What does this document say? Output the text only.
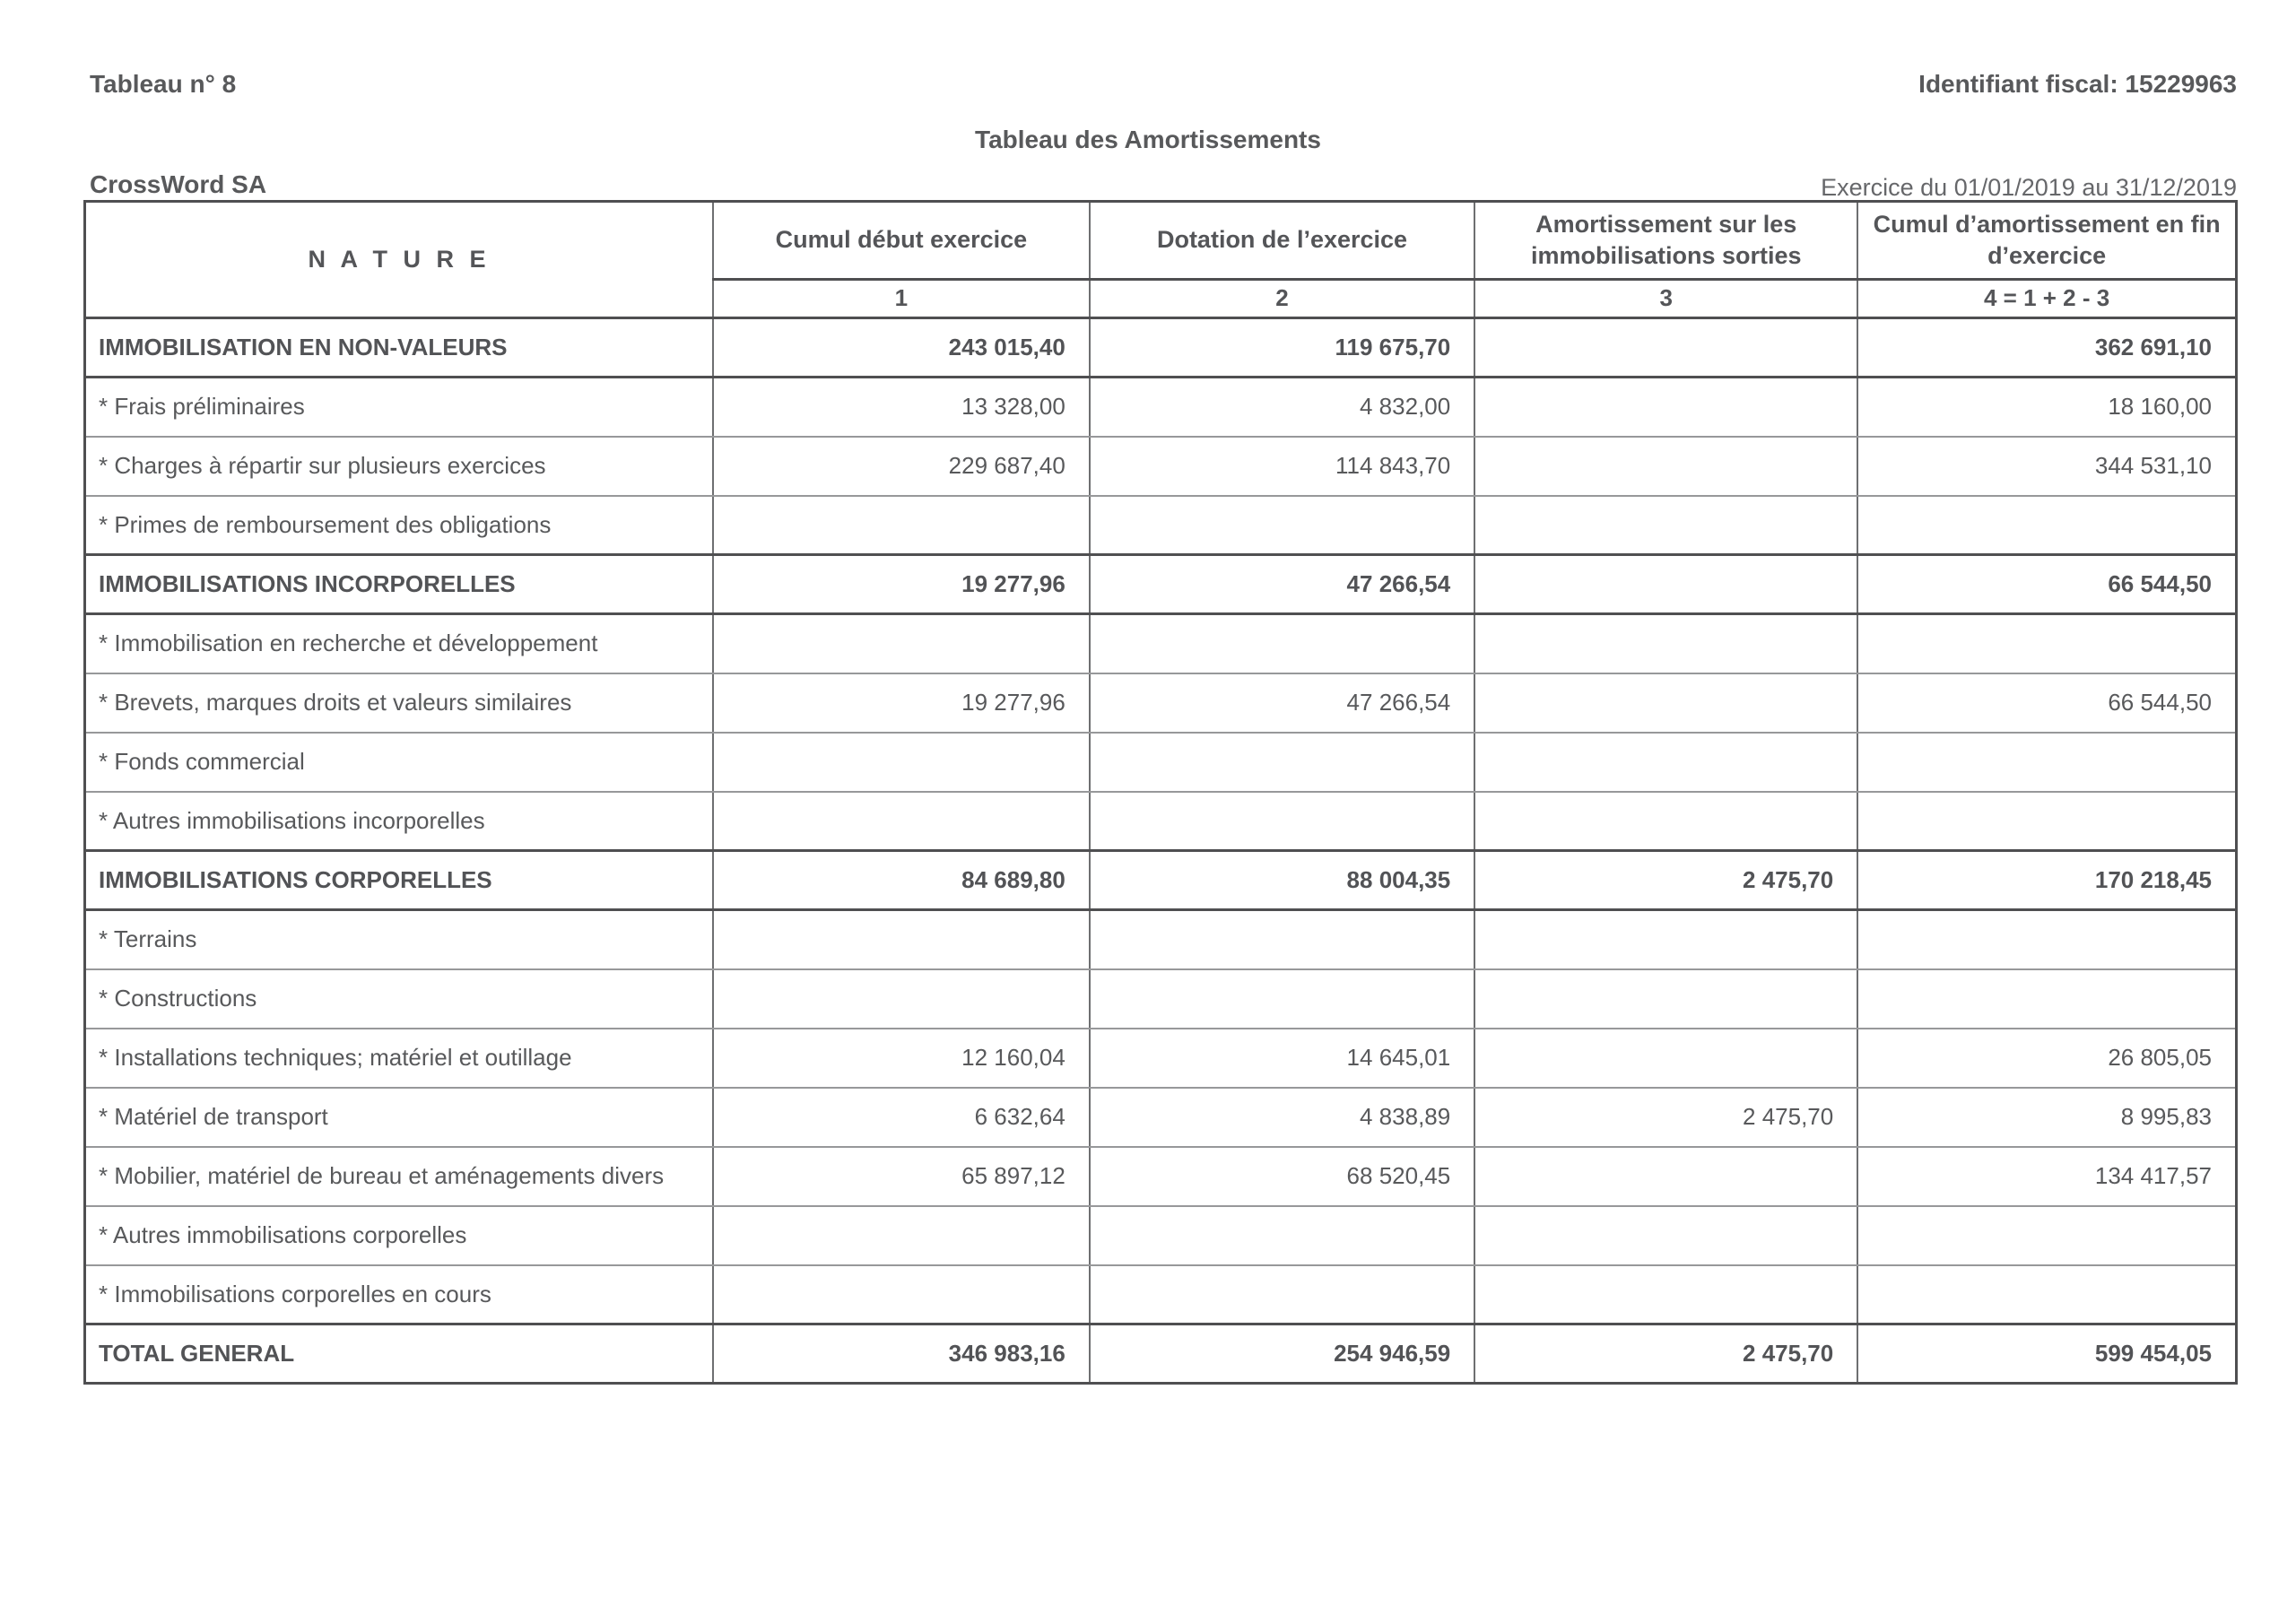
Tableau n° 8	Identifiant fiscal: 15229963
Tableau des Amortissements
CrossWord SA	Exercice du 01/01/2019 au 31/12/2019
N A T U R E	Cumul début exercice	Dotation de l’exercice	Amortissement sur les immobilisations sorties	Cumul d’amortissement en fin d’exercice
	1	2	3	4 = 1 + 2 - 3
IMMOBILISATION EN NON-VALEURS	243 015,40	119 675,70		362 691,10
* Frais préliminaires	13 328,00	4 832,00		18 160,00
* Charges à répartir sur plusieurs exercices	229 687,40	114 843,70		344 531,10
* Primes de remboursement des obligations				
IMMOBILISATIONS INCORPORELLES	19 277,96	47 266,54		66 544,50
* Immobilisation en recherche et développement				
* Brevets, marques droits et valeurs similaires	19 277,96	47 266,54		66 544,50
* Fonds commercial				
* Autres immobilisations incorporelles				
IMMOBILISATIONS CORPORELLES	84 689,80	88 004,35	2 475,70	170 218,45
* Terrains				
* Constructions				
* Installations techniques; matériel et outillage	12 160,04	14 645,01		26 805,05
* Matériel de transport	6 632,64	4 838,89	2 475,70	8 995,83
* Mobilier, matériel de bureau et aménagements divers	65 897,12	68 520,45		134 417,57
* Autres immobilisations corporelles				
* Immobilisations corporelles en cours				
TOTAL GENERAL	346 983,16	254 946,59	2 475,70	599 454,05
